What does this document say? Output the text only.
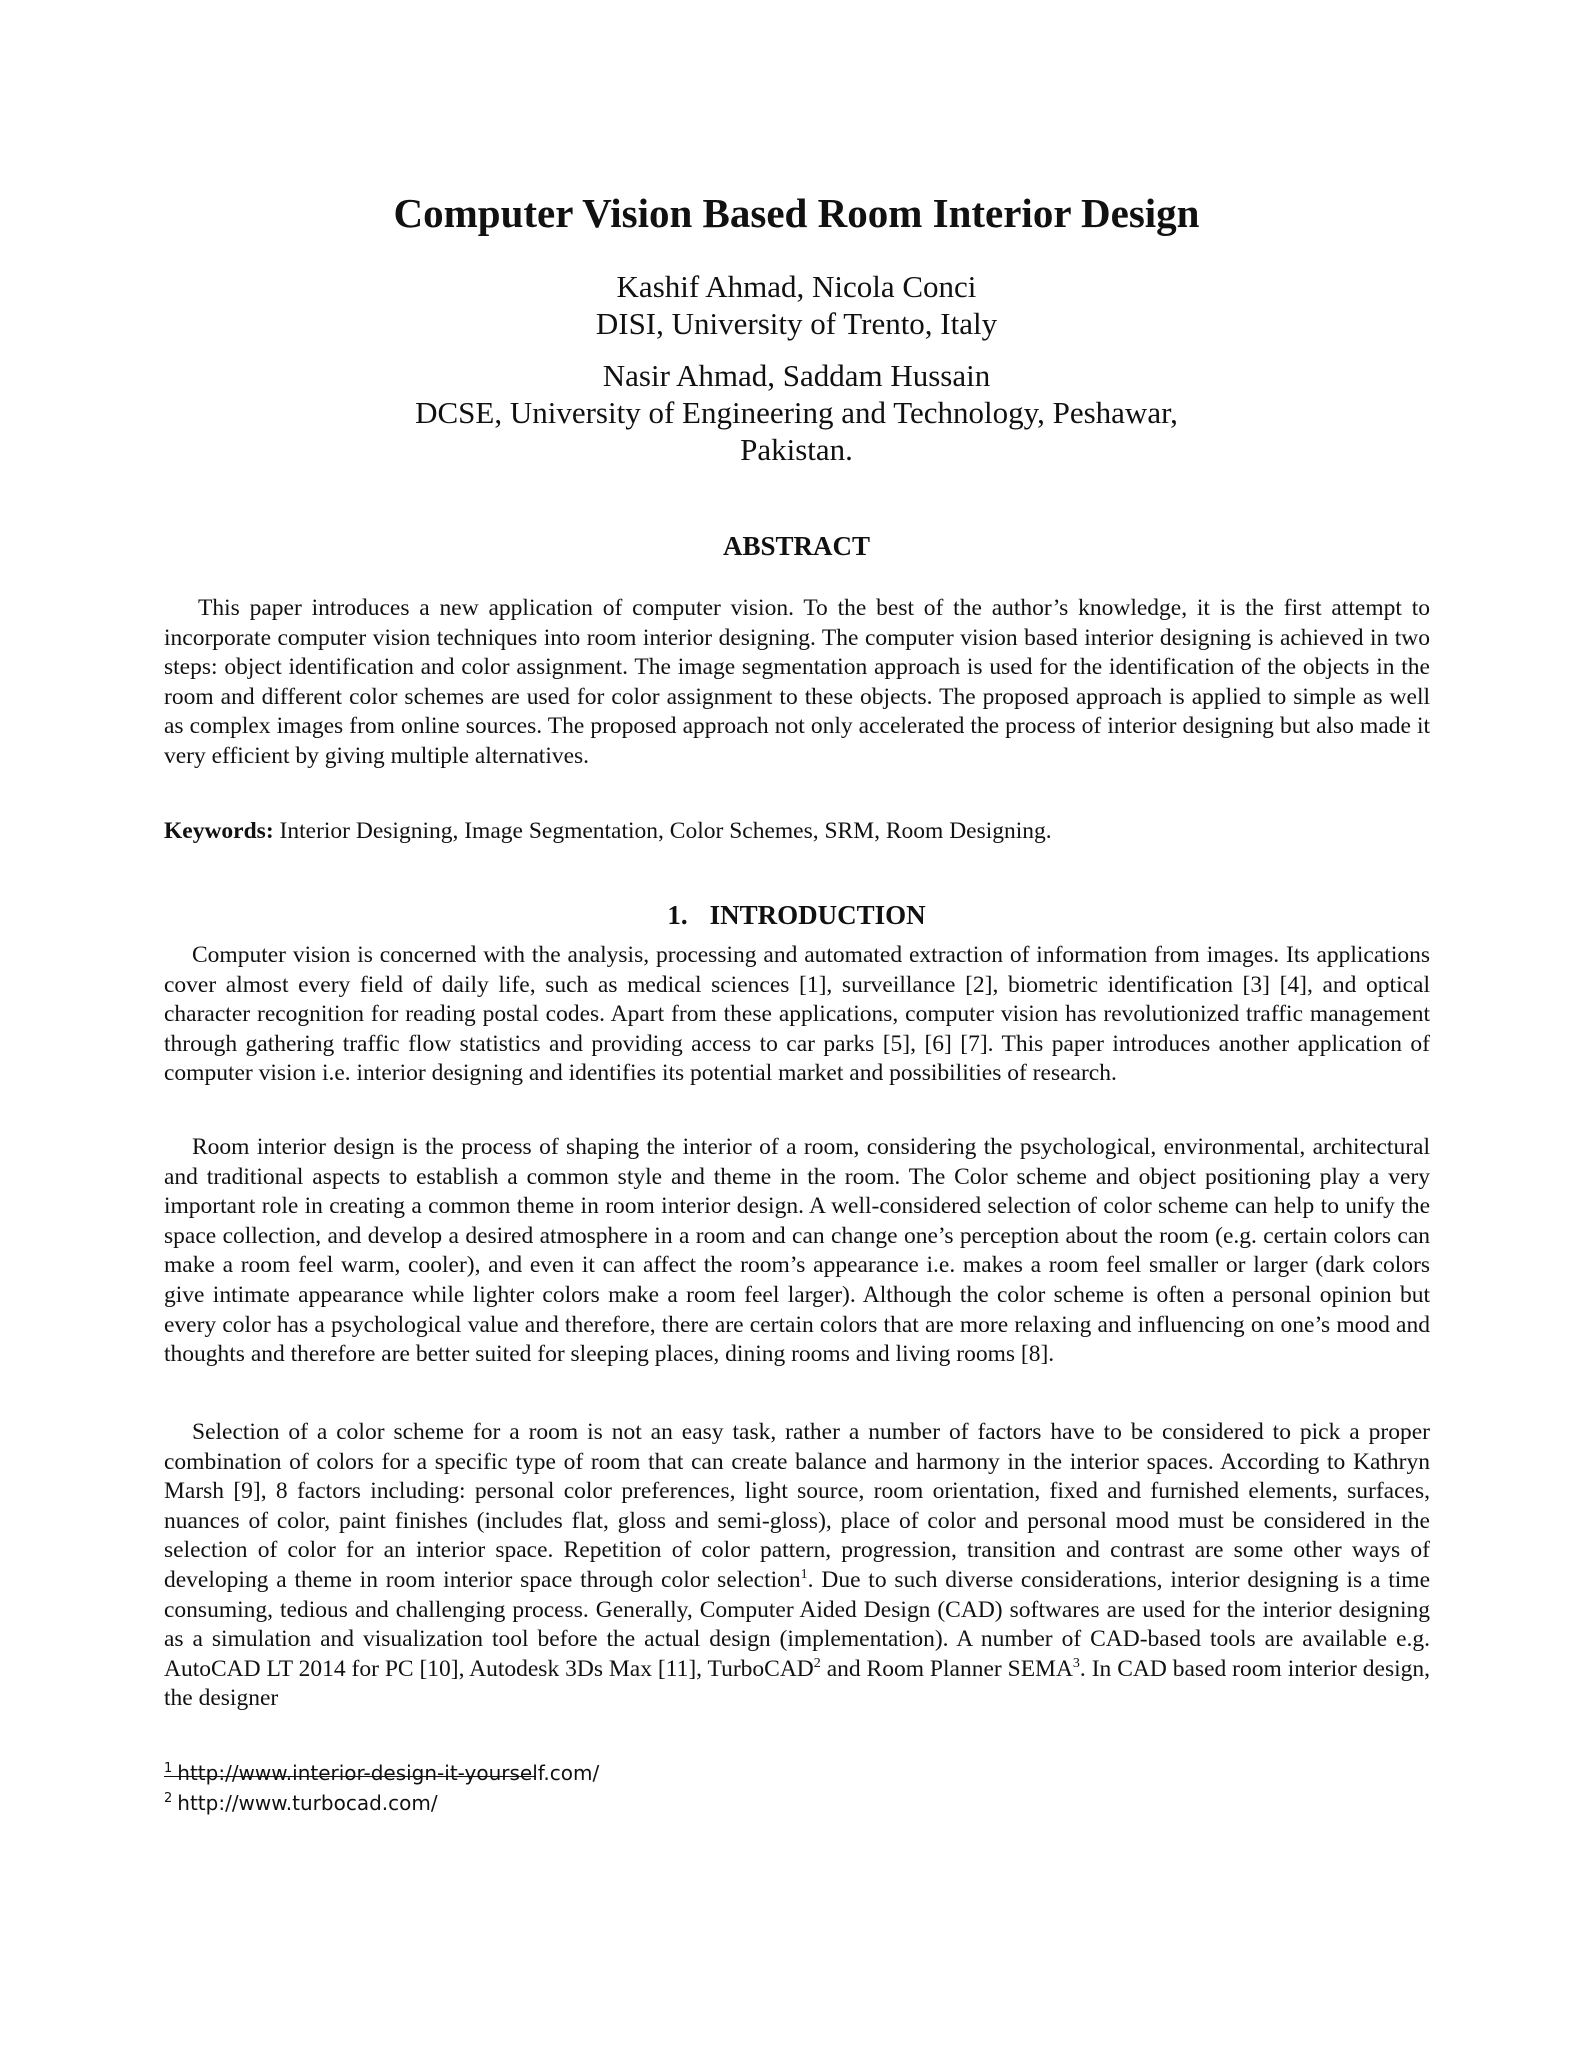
Computer Vision Based Room Interior Design
Kashif Ahmad, Nicola Conci
DISI, University of Trento, Italy
Nasir Ahmad, Saddam Hussain
DCSE, University of Engineering and Technology, Peshawar,
Pakistan.
ABSTRACT

This paper introduces a new application of computer vision. To the best of the author’s knowledge, it is the first attempt to incorporate computer vision techniques into room interior designing. The computer vision based interior designing is achieved in two steps: object identification and color assignment. The image segmentation approach is used for the identification of the objects in the room and different color schemes are used for color assignment to these objects. The proposed approach is applied to simple as well as complex images from online sources. The proposed approach not only accelerated the process of interior designing but also made it very efficient by giving multiple alternatives.

Keywords: Interior Designing, Image Segmentation, Color Schemes, SRM, Room Designing.

1. INTRODUCTION

Computer vision is concerned with the analysis, processing and automated extraction of information from images. Its applications cover almost every field of daily life, such as medical sciences [1], surveillance [2], biometric identification [3] [4], and optical character recognition for reading postal codes. Apart from these applications, computer vision has revolutionized traffic management through gathering traffic flow statistics and providing access to car parks [5], [6] [7]. This paper introduces another application of computer vision i.e. interior designing and identifies its potential market and possibilities of research.

Room interior design is the process of shaping the interior of a room, considering the psychological, environmental, architectural and traditional aspects to establish a common style and theme in the room. The Color scheme and object positioning play a very important role in creating a common theme in room interior design. A well-considered selection of color scheme can help to unify the space collection, and develop a desired atmosphere in a room and can change one’s perception about the room (e.g. certain colors can make a room feel warm, cooler), and even it can affect the room’s appearance i.e. makes a room feel smaller or larger (dark colors give intimate appearance while lighter colors make a room feel larger). Although the color scheme is often a personal opinion but every color has a psychological value and therefore, there are certain colors that are more relaxing and influencing on one’s mood and thoughts and therefore are better suited for sleeping places, dining rooms and living rooms [8].

Selection of a color scheme for a room is not an easy task, rather a number of factors have to be considered to pick a proper combination of colors for a specific type of room that can create balance and harmony in the interior spaces. According to Kathryn Marsh [9], 8 factors including: personal color preferences, light source, room orientation, fixed and furnished elements, surfaces, nuances of color, paint finishes (includes flat, gloss and semi-gloss), place of color and personal mood must be considered in the selection of color for an interior space. Repetition of color pattern, progression, transition and contrast are some other ways of developing a theme in room interior space through color selection$^1$. Due to such diverse considerations, interior designing is a time consuming, tedious and challenging process. Generally, Computer Aided Design (CAD) softwares are used for the interior designing as a simulation and visualization tool before the actual design (implementation). A number of CAD-based tools are available e.g. AutoCAD LT 2014 for PC [10], Autodesk 3Ds Max [11], TurboCAD$^2$ and Room Planner SEMA$^3$. In CAD based room interior design, the designer

$^1$ http://www.interior-design-it-yourself.com/

$^2$ http://www.turbocad.com/
